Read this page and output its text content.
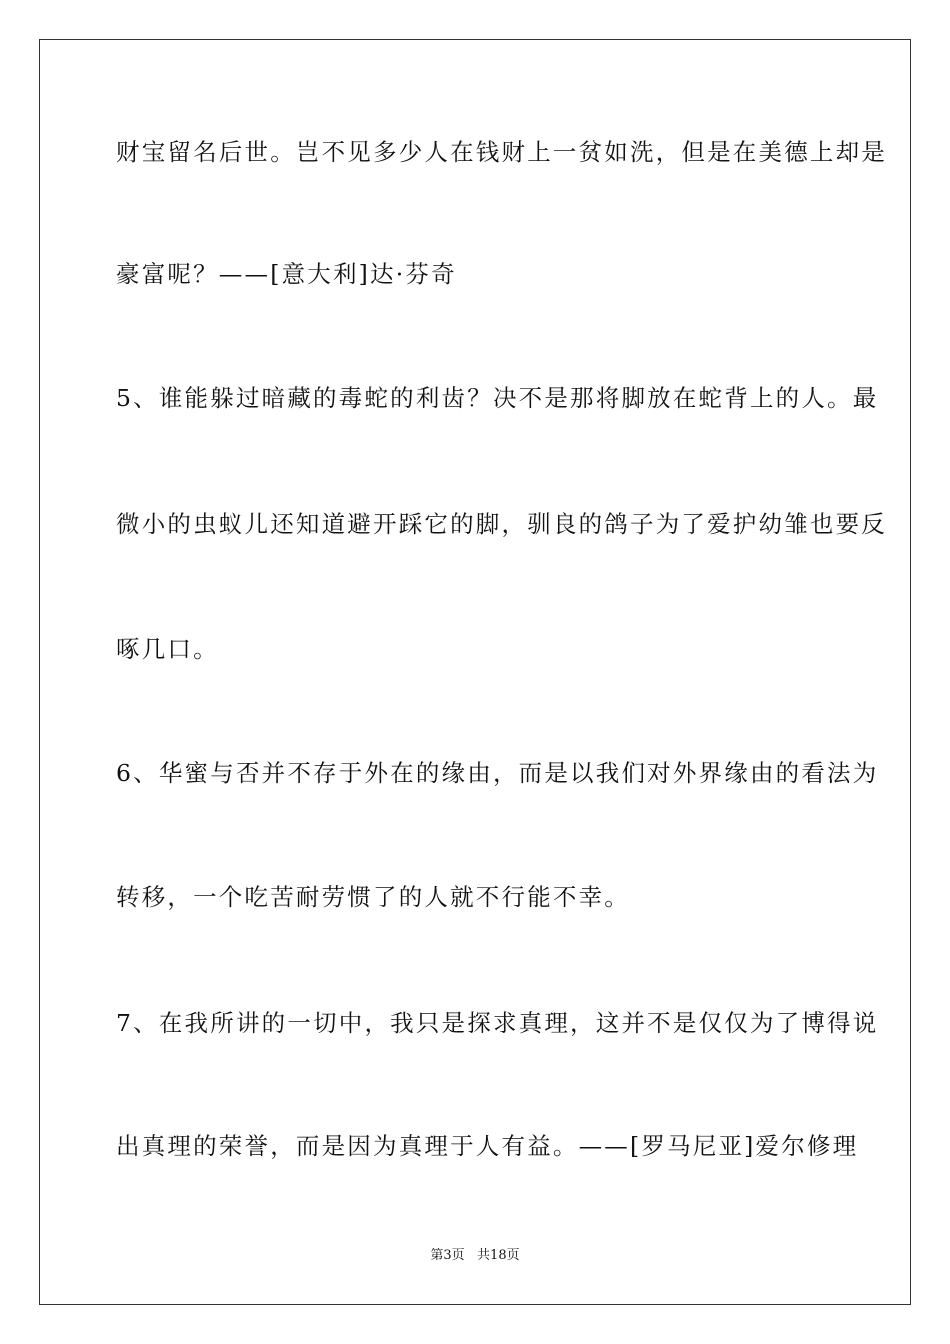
财宝留名后世。岂不见多少人在钱财上一贫如洗，但是在美德上却是
豪富呢？——[意大利]达·芬奇
5、谁能躲过暗藏的毒蛇的利齿？决不是那将脚放在蛇背上的人。最
微小的虫蚁儿还知道避开踩它的脚，驯良的鸽子为了爱护幼雏也要反
啄几口。
6、华蜜与否并不存于外在的缘由，而是以我们对外界缘由的看法为
转移，一个吃苦耐劳惯了的人就不行能不幸。
7、在我所讲的一切中，我只是探求真理，这并不是仅仅为了博得说
出真理的荣誉，而是因为真理于人有益。——[罗马尼亚]爱尔修理
第3页   共18页
